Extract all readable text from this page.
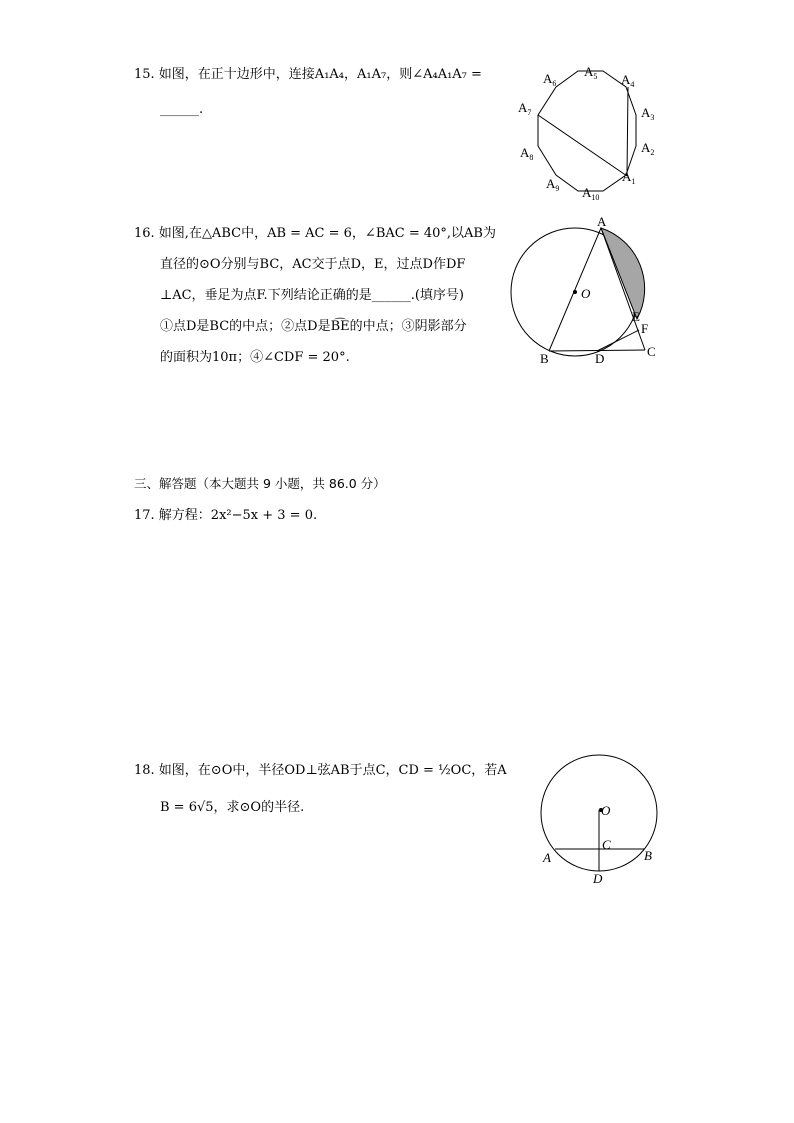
15. 如图，在正十边形中，连接A₁A₄，A₁A₇，则∠A₄A₁A₇ =
______.
$A_1$
$A_2$
$A_3$
$A_4$
$A_5$
$A_6$
$A_7$
$A_8$
$A_9$ $A_{10}$
16. 如图,在△ABC中，AB = AC = 6，∠BAC = 40°,以AB为
直径的⊙O分别与BC，AC交于点D，E，过点D作DF
⊥AC，垂足为点F.下列结论正确的是______.(填序号)
①点D是BC的中点；②点D是B͡E的中点；③阴影部分
的面积为10π；④∠CDF = 20°.
A
O
E
F
B	D	C
三、解答题（本大题共 9 小题，共 86.0 分）
17. 解方程：2x²−5x + 3 = 0.
18. 如图，在⊙O中，半径OD⊥弦AB于点C，CD = ½OC，若A
B = 6√5，求⊙O的半径.	O
C
A	B
D
